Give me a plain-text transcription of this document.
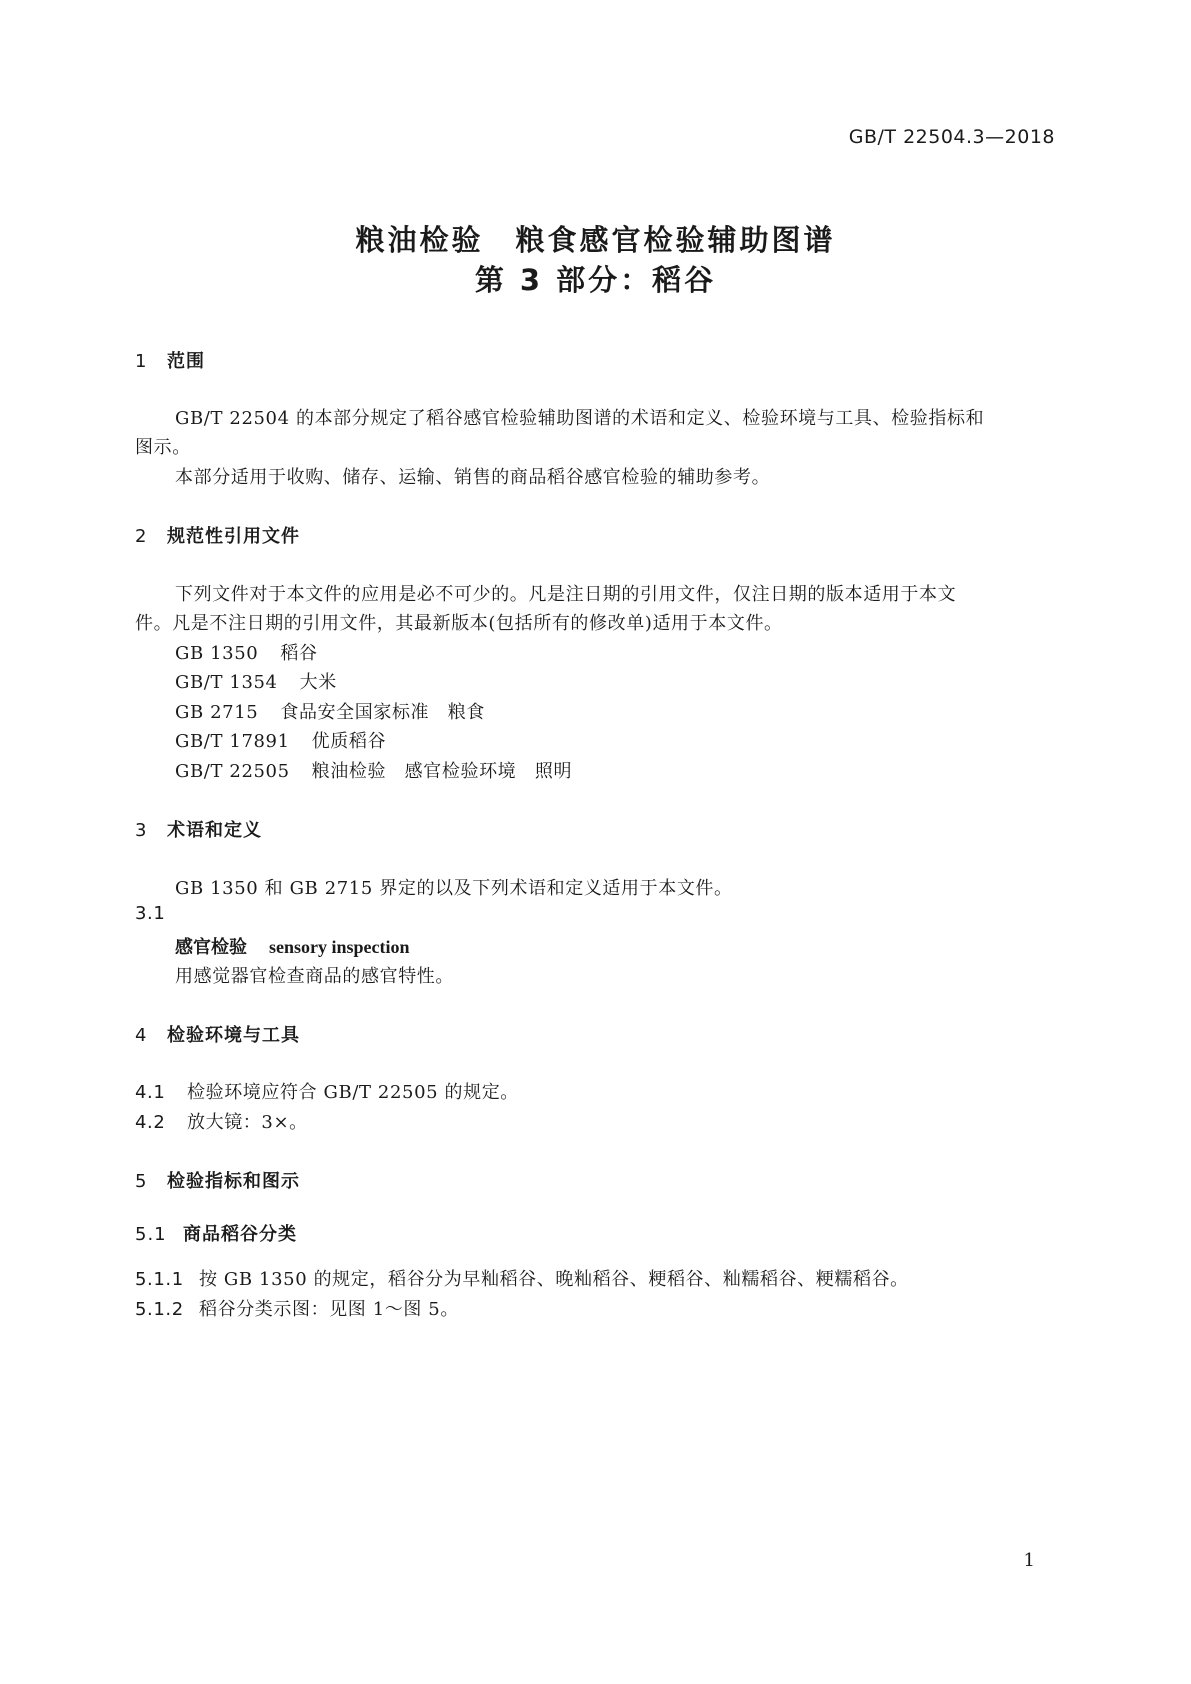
GB/T 22504.3—2018
粮油检验　粮食感官检验辅助图谱
第 3 部分：稻谷
1 范围
GB/T 22504 的本部分规定了稻谷感官检验辅助图谱的术语和定义、检验环境与工具、检验指标和
图示。
本部分适用于收购、储存、运输、销售的商品稻谷感官检验的辅助参考。
2 规范性引用文件
下列文件对于本文件的应用是必不可少的。凡是注日期的引用文件，仅注日期的版本适用于本文
件。凡是不注日期的引用文件，其最新版本(包括所有的修改单)适用于本文件。
GB 1350 稻谷
GB/T 1354 大米
GB 2715 食品安全国家标准　粮食
GB/T 17891 优质稻谷
GB/T 22505 粮油检验　感官检验环境　照明
3 术语和定义
GB 1350 和 GB 2715 界定的以及下列术语和定义适用于本文件。
3.1
感官检验 sensory inspection
用感觉器官检查商品的感官特性。
4 检验环境与工具
4.1 检验环境应符合 GB/T 22505 的规定。
4.2 放大镜：3×。
5 检验指标和图示
5.1 商品稻谷分类
5.1.1 按 GB 1350 的规定，稻谷分为早籼稻谷、晚籼稻谷、粳稻谷、籼糯稻谷、粳糯稻谷。
5.1.2 稻谷分类示图：见图 1～图 5。
1
